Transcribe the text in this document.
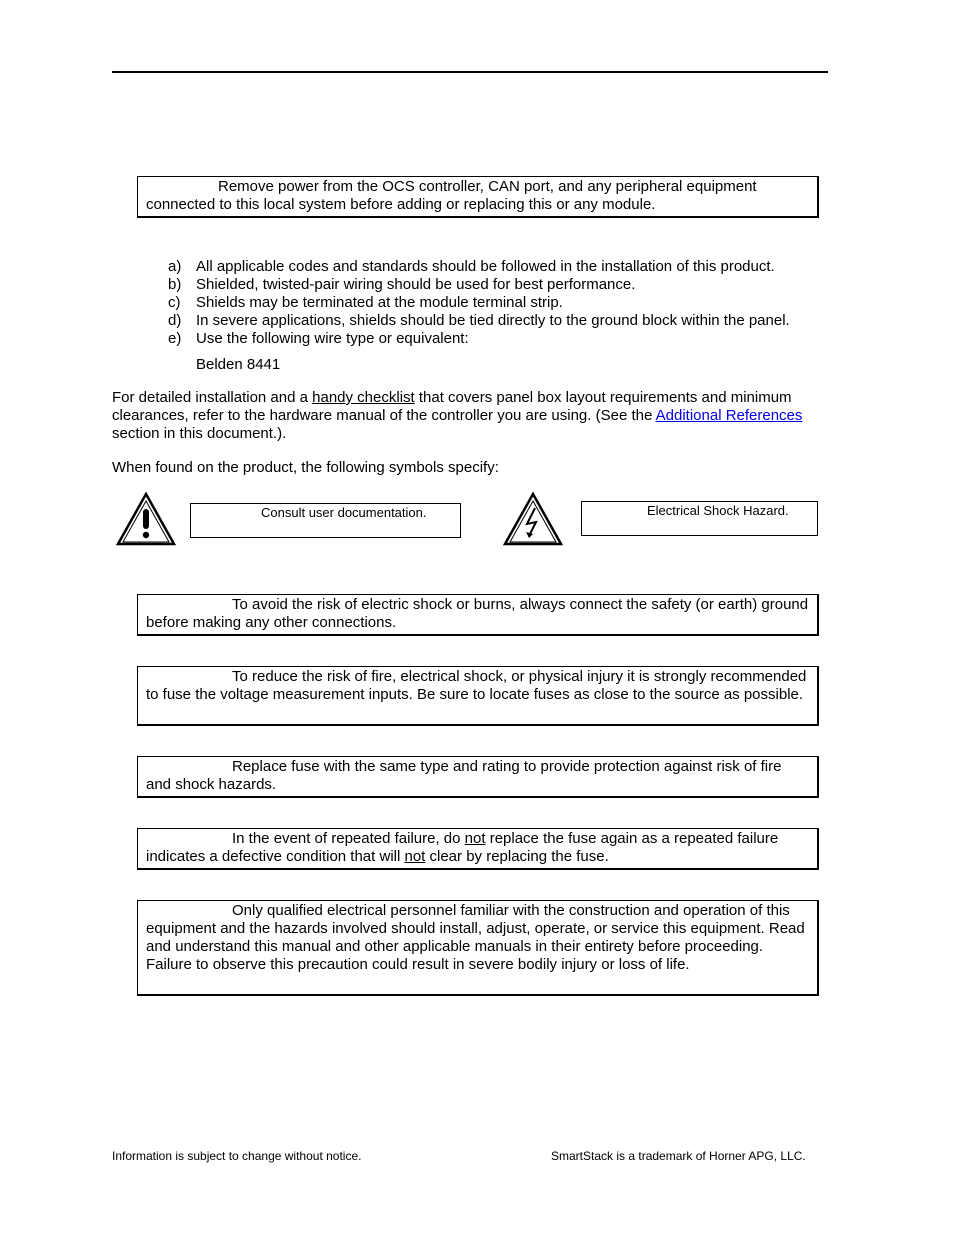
Remove power from the OCS controller, CAN port, and any peripheral equipment connected to this local system before adding or replacing this or any module.
a) All applicable codes and standards should be followed in the installation of this product.
b) Shielded, twisted-pair wiring should be used for best performance.
c) Shields may be terminated at the module terminal strip.
d) In severe applications, shields should be tied directly to the ground block within the panel.
e) Use the following wire type or equivalent:
Belden 8441
For detailed installation and a handy checklist that covers panel box layout requirements and minimum clearances, refer to the hardware manual of the controller you are using. (See the Additional References
section in this document.).
When found on the product, the following symbols specify:
Consult user documentation.	Electrical Shock Hazard.
To avoid the risk of electric shock or burns, always connect the safety (or earth) ground before making any other connections.
To reduce the risk of fire, electrical shock, or physical injury it is strongly recommended to fuse the voltage measurement inputs. Be sure to locate fuses as close to the source as possible.
Replace fuse with the same type and rating to provide protection against risk of fire and shock hazards.
In the event of repeated failure, do not replace the fuse again as a repeated failure indicates a defective condition that will not clear by replacing the fuse.
Only qualified electrical personnel familiar with the construction and operation of this equipment and the hazards involved should install, adjust, operate, or service this equipment. Read and understand this manual and other applicable manuals in their entirety before proceeding. Failure to observe this precaution could result in severe bodily injury or loss of life.
Information is subject to change without notice.	SmartStack is a trademark of Horner APG, LLC.
